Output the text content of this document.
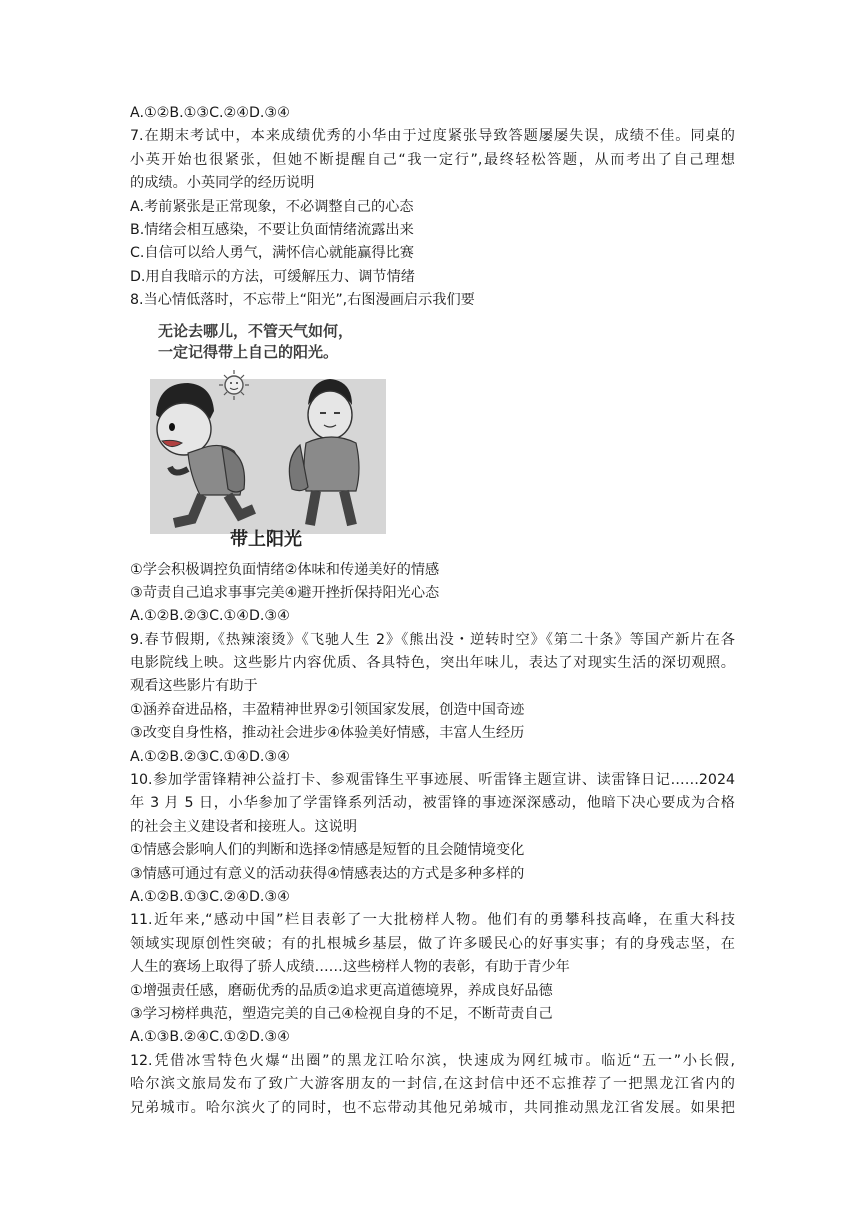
A.①②B.①③C.②④D.③④
7.在期末考试中，本来成绩优秀的小华由于过度紧张导致答题屡屡失误，成绩不佳。同桌的
小英开始也很紧张，但她不断提醒自己“我一定行”,最终轻松答题，从而考出了自己理想
的成绩。小英同学的经历说明
A.考前紧张是正常现象，不必调整自己的心态
B.情绪会相互感染，不要让负面情绪流露出来
C.自信可以给人勇气，满怀信心就能赢得比赛
D.用自我暗示的方法，可缓解压力、调节情绪
8.当心情低落时，不忘带上“阳光”,右图漫画启示我们要
无论去哪儿，不管天气如何，
一定记得带上自己的阳光。
带上阳光
①学会积极调控负面情绪②体味和传递美好的情感
③苛责自己追求事事完美④避开挫折保持阳光心态
A.①②B.②③C.①④D.③④
9.春节假期,《热辣滚烫》《飞驰人生 2》《熊出没・逆转时空》《第二十条》等国产新片在各
电影院线上映。这些影片内容优质、各具特色，突出年味儿，表达了对现实生活的深切观照。
观看这些影片有助于
①涵养奋进品格，丰盈精神世界②引领国家发展，创造中国奇迹
③改变自身性格，推动社会进步④体验美好情感，丰富人生经历
A.①②B.②③C.①④D.③④
10.参加学雷锋精神公益打卡、参观雷锋生平事迹展、听雷锋主题宣讲、读雷锋日记……2024
年 3 月 5 日，小华参加了学雷锋系列活动，被雷锋的事迹深深感动，他暗下决心要成为合格
的社会主义建设者和接班人。这说明
①情感会影响人们的判断和选择②情感是短暂的且会随情境变化
③情感可通过有意义的活动获得④情感表达的方式是多种多样的
A.①②B.①③C.②④D.③④
11.近年来,“感动中国”栏目表彰了一大批榜样人物。他们有的勇攀科技高峰，在重大科技
领域实现原创性突破；有的扎根城乡基层，做了许多暖民心的好事实事；有的身残志坚，在
人生的赛场上取得了骄人成绩……这些榜样人物的表彰，有助于青少年
①增强责任感，磨砺优秀的品质②追求更高道德境界，养成良好品德
③学习榜样典范，塑造完美的自己④检视自身的不足，不断苛责自己
A.①③B.②④C.①②D.③④
12.凭借冰雪特色火爆“出圈”的黑龙江哈尔滨，快速成为网红城市。临近“五一”小长假,
哈尔滨文旅局发布了致广大游客朋友的一封信,在这封信中还不忘推荐了一把黑龙江省内的
兄弟城市。哈尔滨火了的同时，也不忘带动其他兄弟城市，共同推动黑龙江省发展。如果把
